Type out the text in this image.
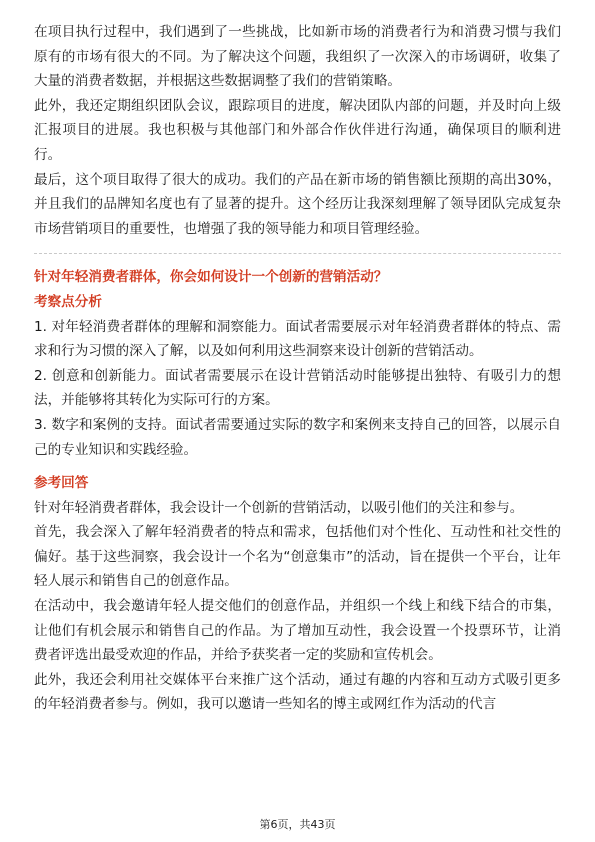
在项目执行过程中，我们遇到了一些挑战，比如新市场的消费者行为和消费习惯与我们原有的市场有很大的不同。为了解决这个问题，我组织了一次深入的市场调研，收集了大量的消费者数据，并根据这些数据调整了我们的营销策略。

此外，我还定期组织团队会议，跟踪项目的进度，解决团队内部的问题，并及时向上级汇报项目的进展。我也积极与其他部门和外部合作伙伴进行沟通，确保项目的顺利进行。

最后，这个项目取得了很大的成功。我们的产品在新市场的销售额比预期的高出30%，并且我们的品牌知名度也有了显著的提升。这个经历让我深刻理解了领导团队完成复杂市场营销项目的重要性，也增强了我的领导能力和项目管理经验。

针对年轻消费者群体，你会如何设计一个创新的营销活动？

考察点分析

1. 对年轻消费者群体的理解和洞察能力。面试者需要展示对年轻消费者群体的特点、需求和行为习惯的深入了解，以及如何利用这些洞察来设计创新的营销活动。

2. 创意和创新能力。面试者需要展示在设计营销活动时能够提出独特、有吸引力的想法，并能够将其转化为实际可行的方案。

3. 数字和案例的支持。面试者需要通过实际的数字和案例来支持自己的回答，以展示自己的专业知识和实践经验。

参考回答

针对年轻消费者群体，我会设计一个创新的营销活动，以吸引他们的关注和参与。

首先，我会深入了解年轻消费者的特点和需求，包括他们对个性化、互动性和社交性的偏好。基于这些洞察，我会设计一个名为“创意集市”的活动，旨在提供一个平台，让年轻人展示和销售自己的创意作品。

在活动中，我会邀请年轻人提交他们的创意作品，并组织一个线上和线下结合的市集，让他们有机会展示和销售自己的作品。为了增加互动性，我会设置一个投票环节，让消费者评选出最受欢迎的作品，并给予获奖者一定的奖励和宣传机会。

此外，我还会利用社交媒体平台来推广这个活动，通过有趣的内容和互动方式吸引更多的年轻消费者参与。例如，我可以邀请一些知名的博主或网红作为活动的代言

第6页，共43页
